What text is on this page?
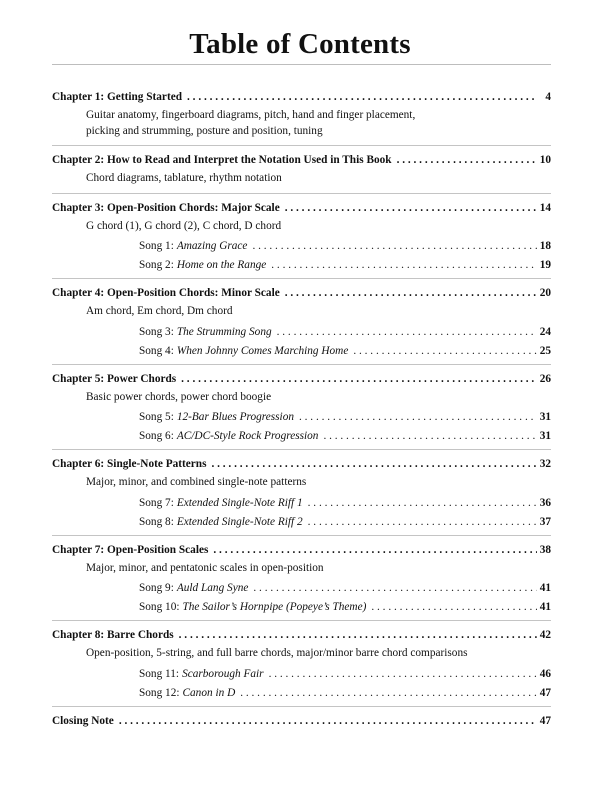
Table of Contents
Chapter 1: Getting Started . . .	4
Guitar anatomy, fingerboard diagrams, pitch, hand and finger placement,
picking and strumming, posture and position, tuning
Chapter 2: How to Read and Interpret the Notation Used in This Book . . .	10
Chord diagrams, tablature, rhythm notation
Chapter 3: Open-Position Chords: Major Scale . . .	14
G chord (1), G chord (2), C chord, D chord
Song 1: Amazing Grace . . .	18
Song 2: Home on the Range . . .	19
Chapter 4: Open-Position Chords: Minor Scale . . .	20
Am chord, Em chord, Dm chord
Song 3: The Strumming Song . . .	24
Song 4: When Johnny Comes Marching Home . . .	25
Chapter 5: Power Chords . . .	26
Basic power chords, power chord boogie
Song 5: 12-Bar Blues Progression . . .	31
Song 6: AC/DC-Style Rock Progression . . .	31
Chapter 6: Single-Note Patterns . . .	32
Major, minor, and combined single-note patterns
Song 7: Extended Single-Note Riff 1 . . .	36
Song 8: Extended Single-Note Riff 2 . . .	37
Chapter 7: Open-Position Scales . . .	38
Major, minor, and pentatonic scales in open-position
Song 9: Auld Lang Syne . . .	41
Song 10: The Sailor’s Hornpipe (Popeye’s Theme) . . .	41
Chapter 8: Barre Chords . . .	42
Open-position, 5-string, and full barre chords, major/minor barre chord comparisons
Song 11: Scarborough Fair . . .	46
Song 12: Canon in D . . .	47
Closing Note . . .	47
